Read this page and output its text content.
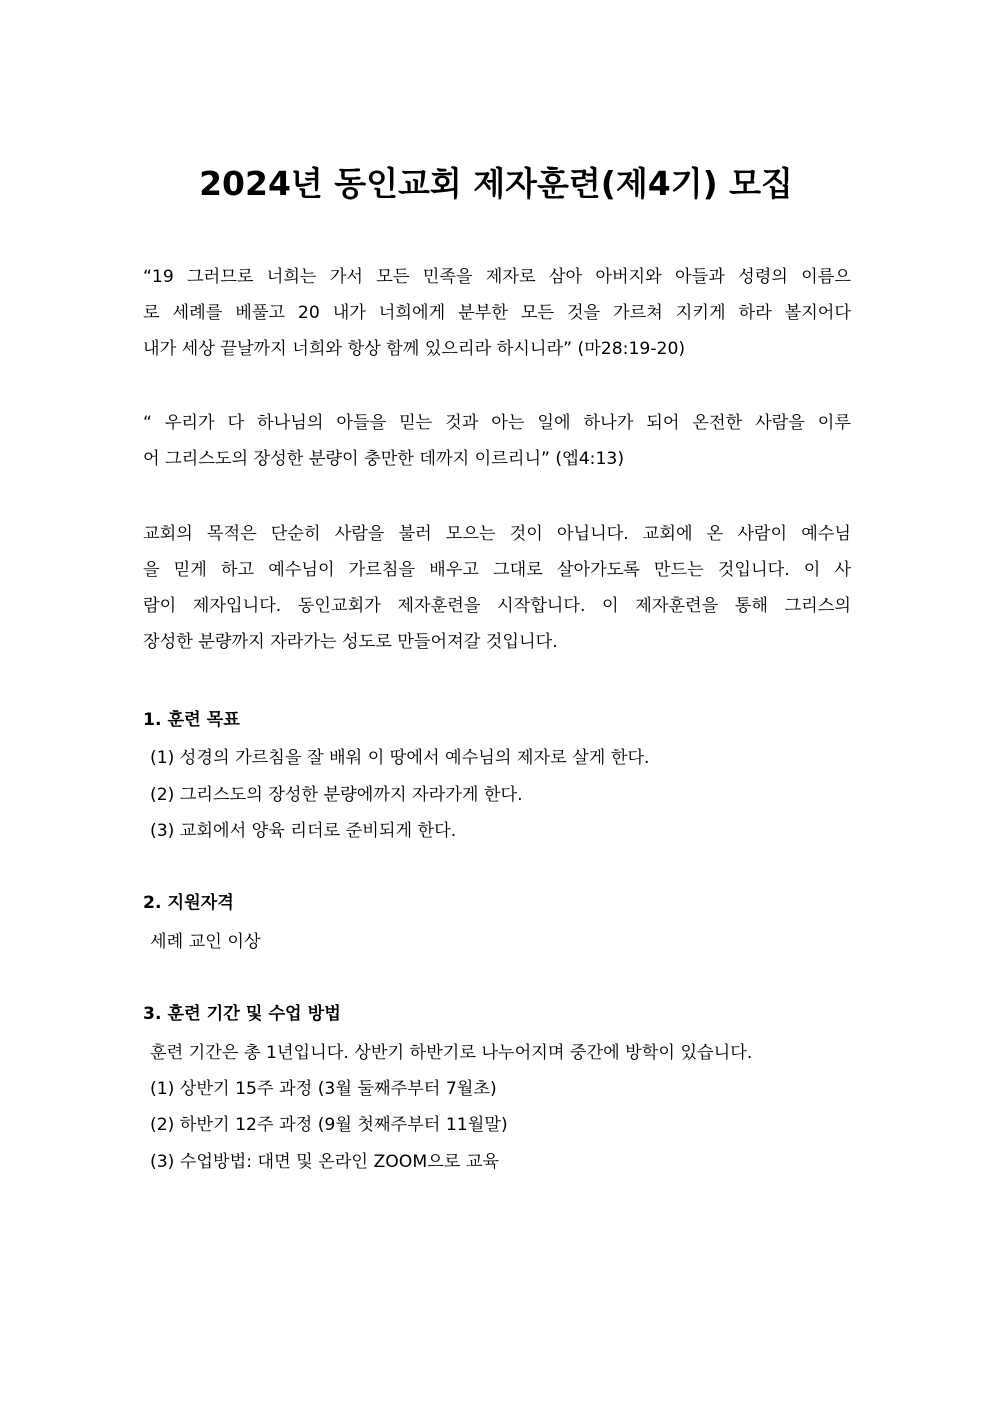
2024년 동인교회 제자훈련(제4기) 모집
“19 그러므로 너희는 가서 모든 민족을 제자로 삼아 아버지와 아들과 성령의 이름으
로 세례를 베풀고 20 내가 너희에게 분부한 모든 것을 가르쳐 지키게 하라 볼지어다
내가 세상 끝날까지 너희와 항상 함께 있으리라 하시니라” (마28:19-20)
“ 우리가 다 하나님의 아들을 믿는 것과 아는 일에 하나가 되어 온전한 사람을 이루
어 그리스도의 장성한 분량이 충만한 데까지 이르리니” (엡4:13)
교회의 목적은 단순히 사람을 불러 모으는 것이 아닙니다. 교회에 온 사람이 예수님
을 믿게 하고 예수님이 가르침을 배우고 그대로 살아가도록 만드는 것입니다. 이 사
람이 제자입니다. 동인교회가 제자훈련을 시작합니다. 이 제자훈련을 통해 그리스의
장성한 분량까지 자라가는 성도로 만들어져갈 것입니다.
1. 훈련 목표
(1) 성경의 가르침을 잘 배워 이 땅에서 예수님의 제자로 살게 한다.
(2) 그리스도의 장성한 분량에까지 자라가게 한다.
(3) 교회에서 양육 리더로 준비되게 한다.
2. 지원자격
세례 교인 이상
3. 훈련 기간 및 수업 방법
훈련 기간은 총 1년입니다. 상반기 하반기로 나누어지며 중간에 방학이 있습니다.
(1) 상반기 15주 과정 (3월 둘째주부터 7월초)
(2) 하반기 12주 과정 (9월 첫째주부터 11월말)
(3) 수업방법: 대면 및 온라인 ZOOM으로 교육
